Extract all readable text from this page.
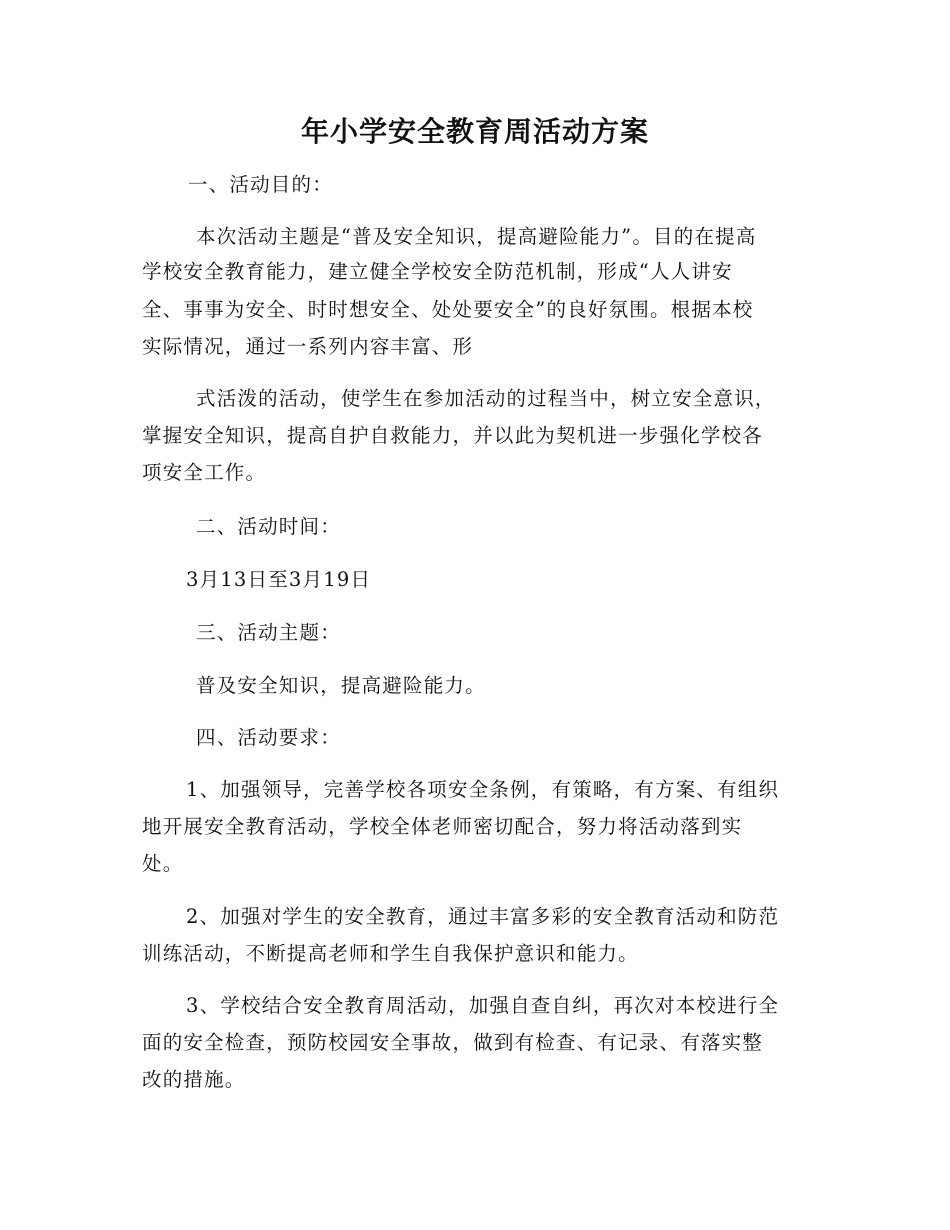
年小学安全教育周活动方案
一、活动目的：
本次活动主题是“普及安全知识，提高避险能力”。目的在提高
学校安全教育能力，建立健全学校安全防范机制，形成“人人讲安
全、事事为安全、时时想安全、处处要安全”的良好氛围。根据本校
实际情况，通过一系列内容丰富、形
式活泼的活动，使学生在参加活动的过程当中，树立安全意识，
掌握安全知识，提高自护自救能力，并以此为契机进一步强化学校各
项安全工作。
二、活动时间：
3月13日至3月19日
三、活动主题：
普及安全知识，提高避险能力。
四、活动要求：
1、加强领导，完善学校各项安全条例，有策略，有方案、有组织
地开展安全教育活动，学校全体老师密切配合，努力将活动落到实
处。
2、加强对学生的安全教育，通过丰富多彩的安全教育活动和防范
训练活动，不断提高老师和学生自我保护意识和能力。
3、学校结合安全教育周活动，加强自查自纠，再次对本校进行全
面的安全检查，预防校园安全事故，做到有检查、有记录、有落实整
改的措施。
